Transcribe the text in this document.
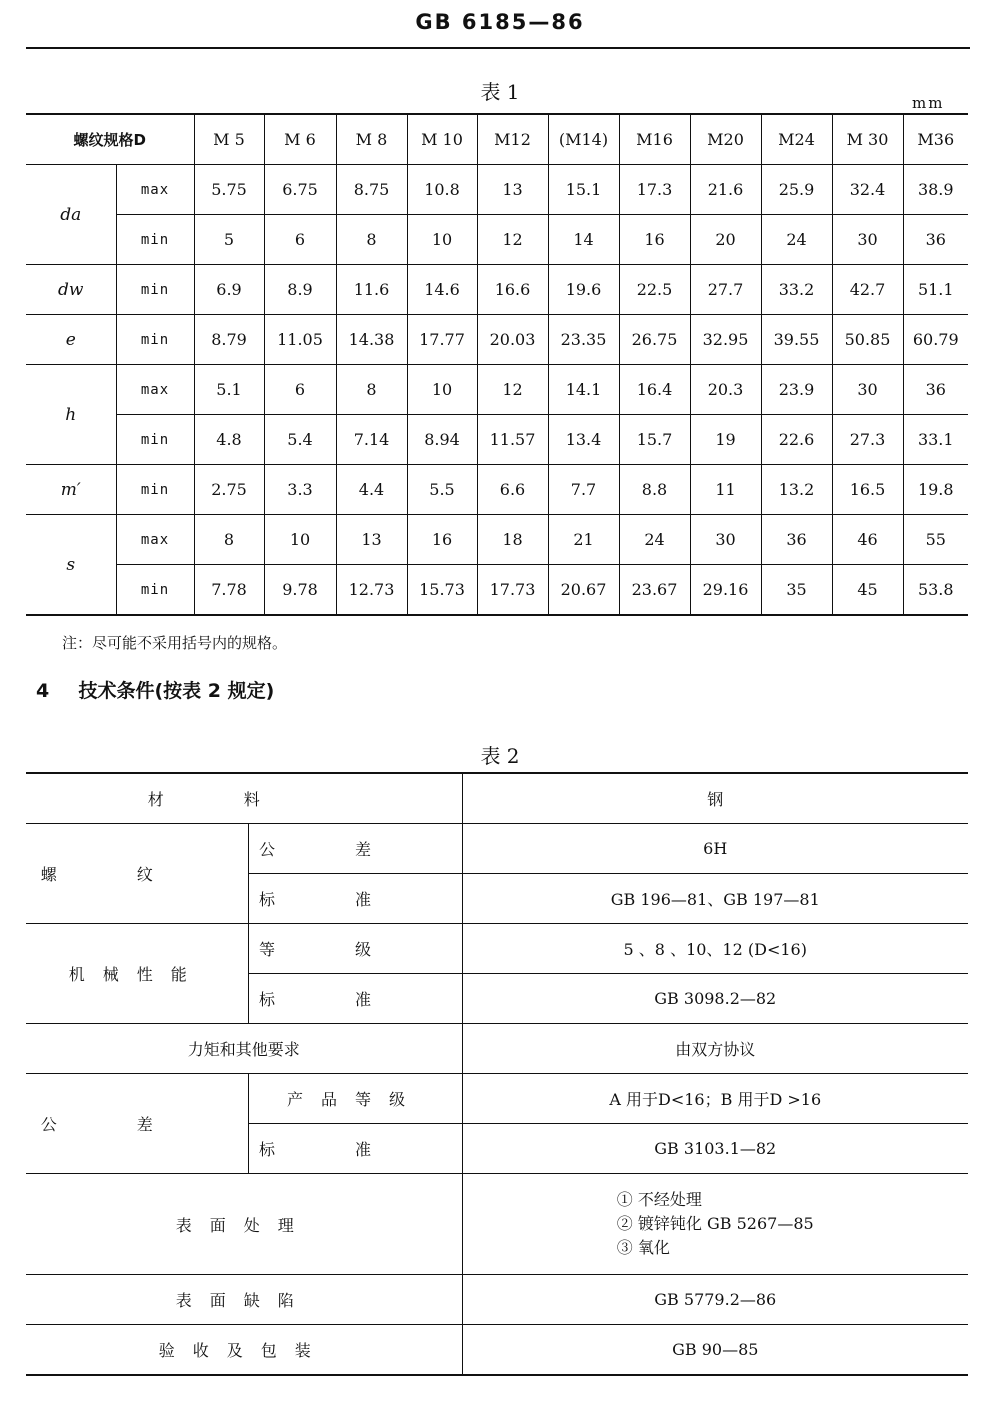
GB 6185—86
表 1	mm
螺纹规格D		M 5	M 6	M 8	M 10	M12	(M14)	M16	M20	M24	M 30	M36
da	max	5.75	6.75	8.75	10.8	13	15.1	17.3	21.6	25.9	32.4	38.9
	min	5	6	8	10	12	14	16	20	24	30	36
dw	min	6.9	8.9	11.6	14.6	16.6	19.6	22.5	27.7	33.2	42.7	51.1
e	min	8.79	11.05	14.38	17.77	20.03	23.35	26.75	32.95	39.55	50.85	60.79
h	max	5.1	6	8	10	12	14.1	16.4	20.3	23.9	30	36
	min	4.8	5.4	7.14	8.94	11.57	13.4	15.7	19	22.6	27.3	33.1
m′	min	2.75	3.3	4.4	5.5	6.6	7.7	8.8	11	13.2	16.5	19.8
s	max	8	10	13	16	18	21	24	30	36	46	55
	min	7.78	9.78	12.73	15.73	17.73	20.67	23.67	29.16	35	45	53.8
注：尽可能不采用括号内的规格。
4 技术条件(按表 2 规定)
表 2
材料		钢
螺纹	公差	6H
	标准	GB 196—81、GB 197—81
机械性能	等级	5 、8 、10、12 (D<16)
	标准	GB 3098.2—82
力矩和其他要求		由双方协议
公差	产品等级	A 用于D<16；B 用于D >16
	标准	GB 3103.1—82
表面处理		① 不经处理
② 镀锌钝化 GB 5267—85
③ 氧化

表面缺陷		GB 5779.2—86
验收及包装		GB 90—85
